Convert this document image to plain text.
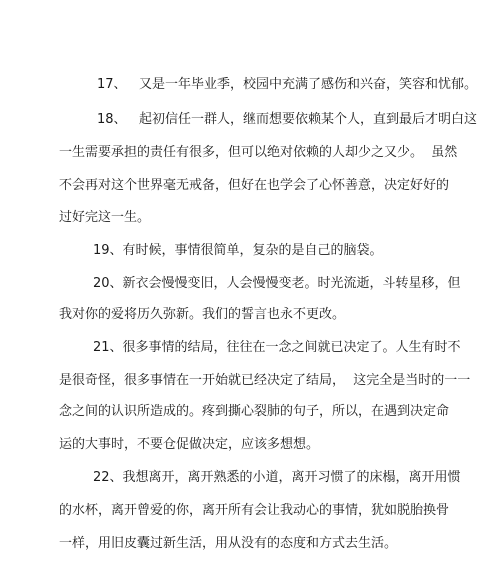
17、   又是一年毕业季，校园中充满了感伤和兴奋，笑容和忧郁。
18、   起初信任一群人，继而想要依赖某个人，直到最后才明白这
一生需要承担的责任有很多，但可以绝对依赖的人却少之又少。  虽然
不会再对这个世界毫无戒备，但好在也学会了心怀善意，决定好好的
过好完这一生。
19、有时候，事情很简单，复杂的是自己的脑袋。
20、新衣会慢慢变旧，人会慢慢变老。时光流逝，斗转星移，但
我对你的爱将历久弥新。我们的誓言也永不更改。
21、很多事情的结局，往往在一念之间就已决定了。人生有时不
是很奇怪，很多事情在一开始就已经决定了结局，  这完全是当时的一一
念之间的认识所造成的。疼到撕心裂肺的句子，所以，在遇到决定命
运的大事时，不要仓促做决定，应该多想想。
22、我想离开，离开熟悉的小道，离开习惯了的床榻，离开用惯
的水杯，离开曾爱的你，离开所有会让我动心的事情，犹如脱胎换骨
一样，用旧皮囊过新生活，用从没有的态度和方式去生活。
